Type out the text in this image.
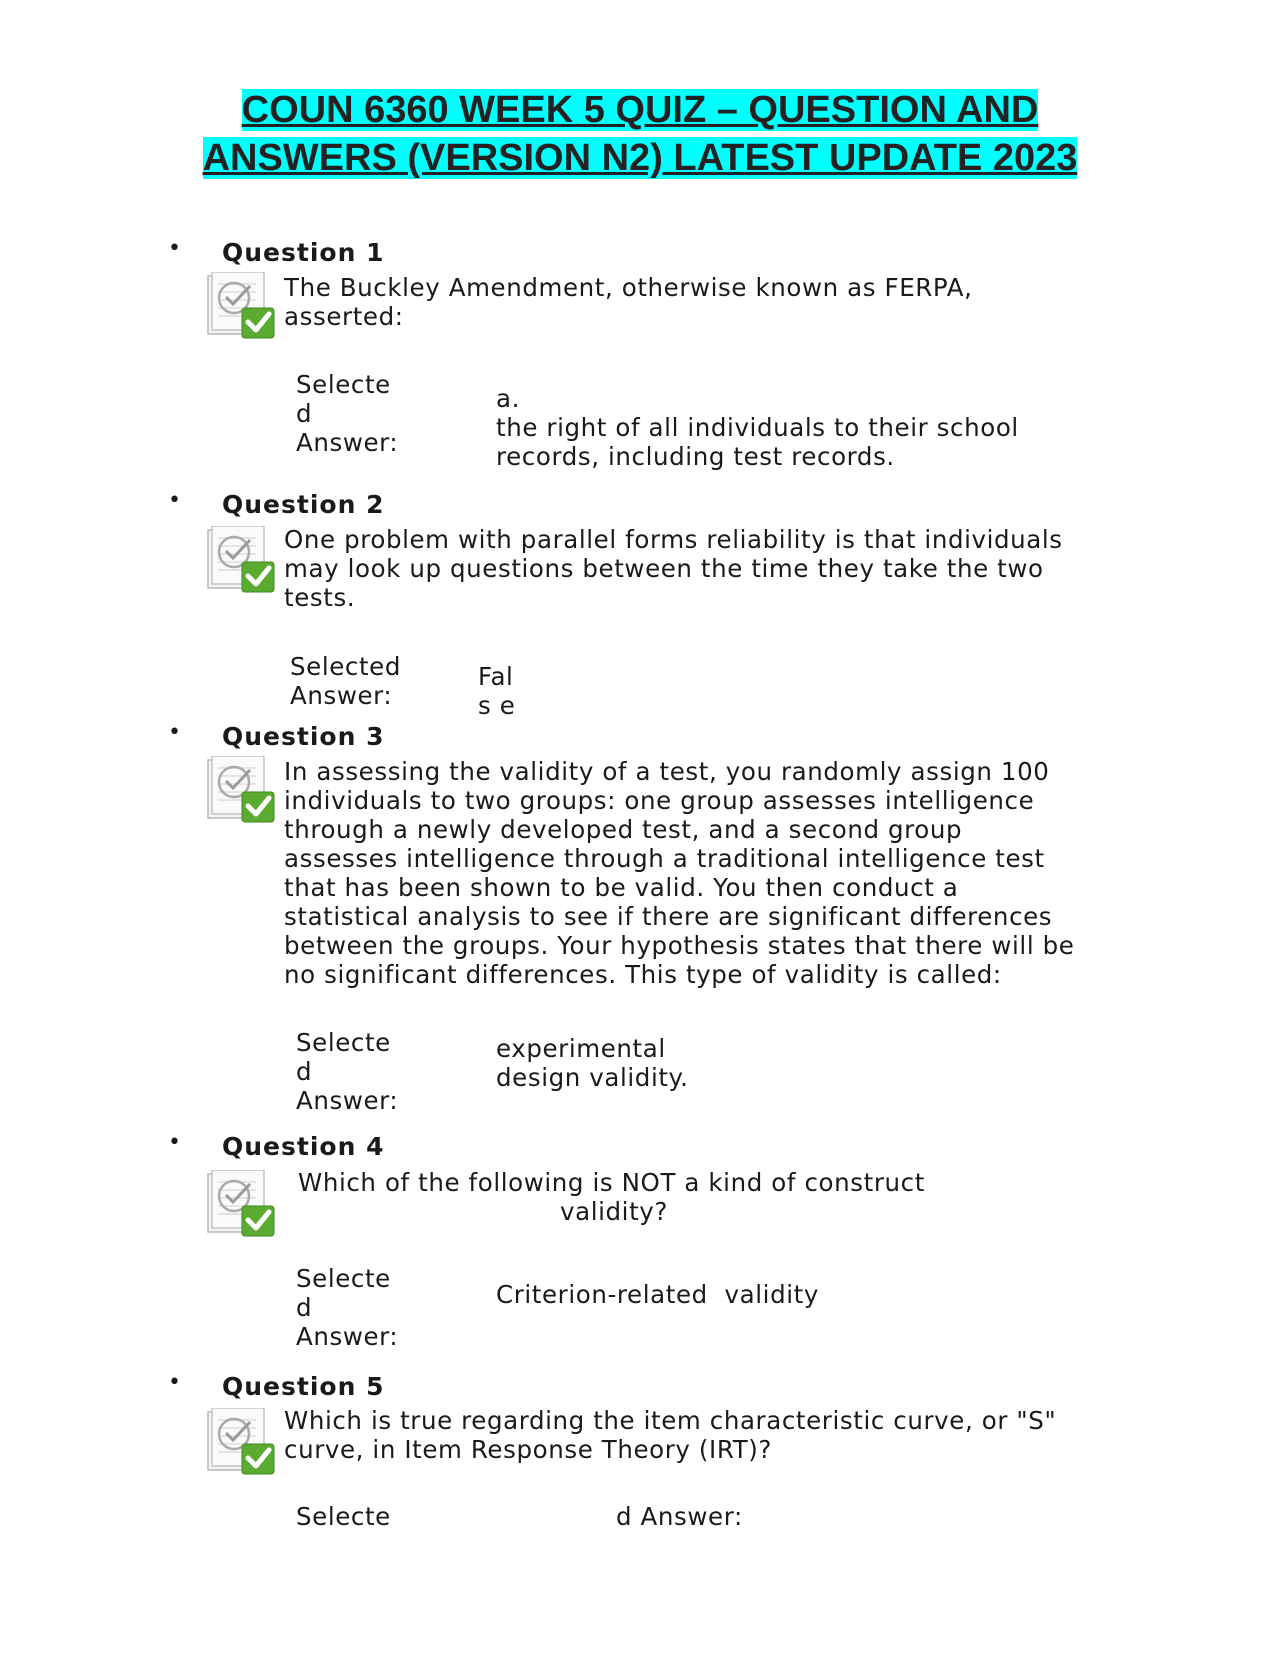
COUN 6360 WEEK 5 QUIZ – QUESTION AND
ANSWERS (VERSION N2) LATEST UPDATE 2023
• Question 1
The Buckley Amendment, otherwise known as FERPA,
asserted:
Selecte
d
Answer:
a.
the right of all individuals to their school
records, including test records.
• Question 2
One problem with parallel forms reliability is that individuals
may look up questions between the time they take the two
tests.
Selected
Answer:
Fal
s e
• Question 3
In assessing the validity of a test, you randomly assign 100
individuals to two groups: one group assesses intelligence
through a newly developed test, and a second group
assesses intelligence through a traditional intelligence test
that has been shown to be valid. You then conduct a
statistical analysis to see if there are significant differences
between the groups. Your hypothesis states that there will be
no significant differences. This type of validity is called:
Selecte
d
Answer:
experimental
design validity.
• Question 4
Which of the following is NOT a kind of construct
validity?
Selecte
d
Answer:
Criterion-related  validity
• Question 5
Which is true regarding the item characteristic curve, or "S"
curve, in Item Response Theory (IRT)?
Selecte	d Answer:
